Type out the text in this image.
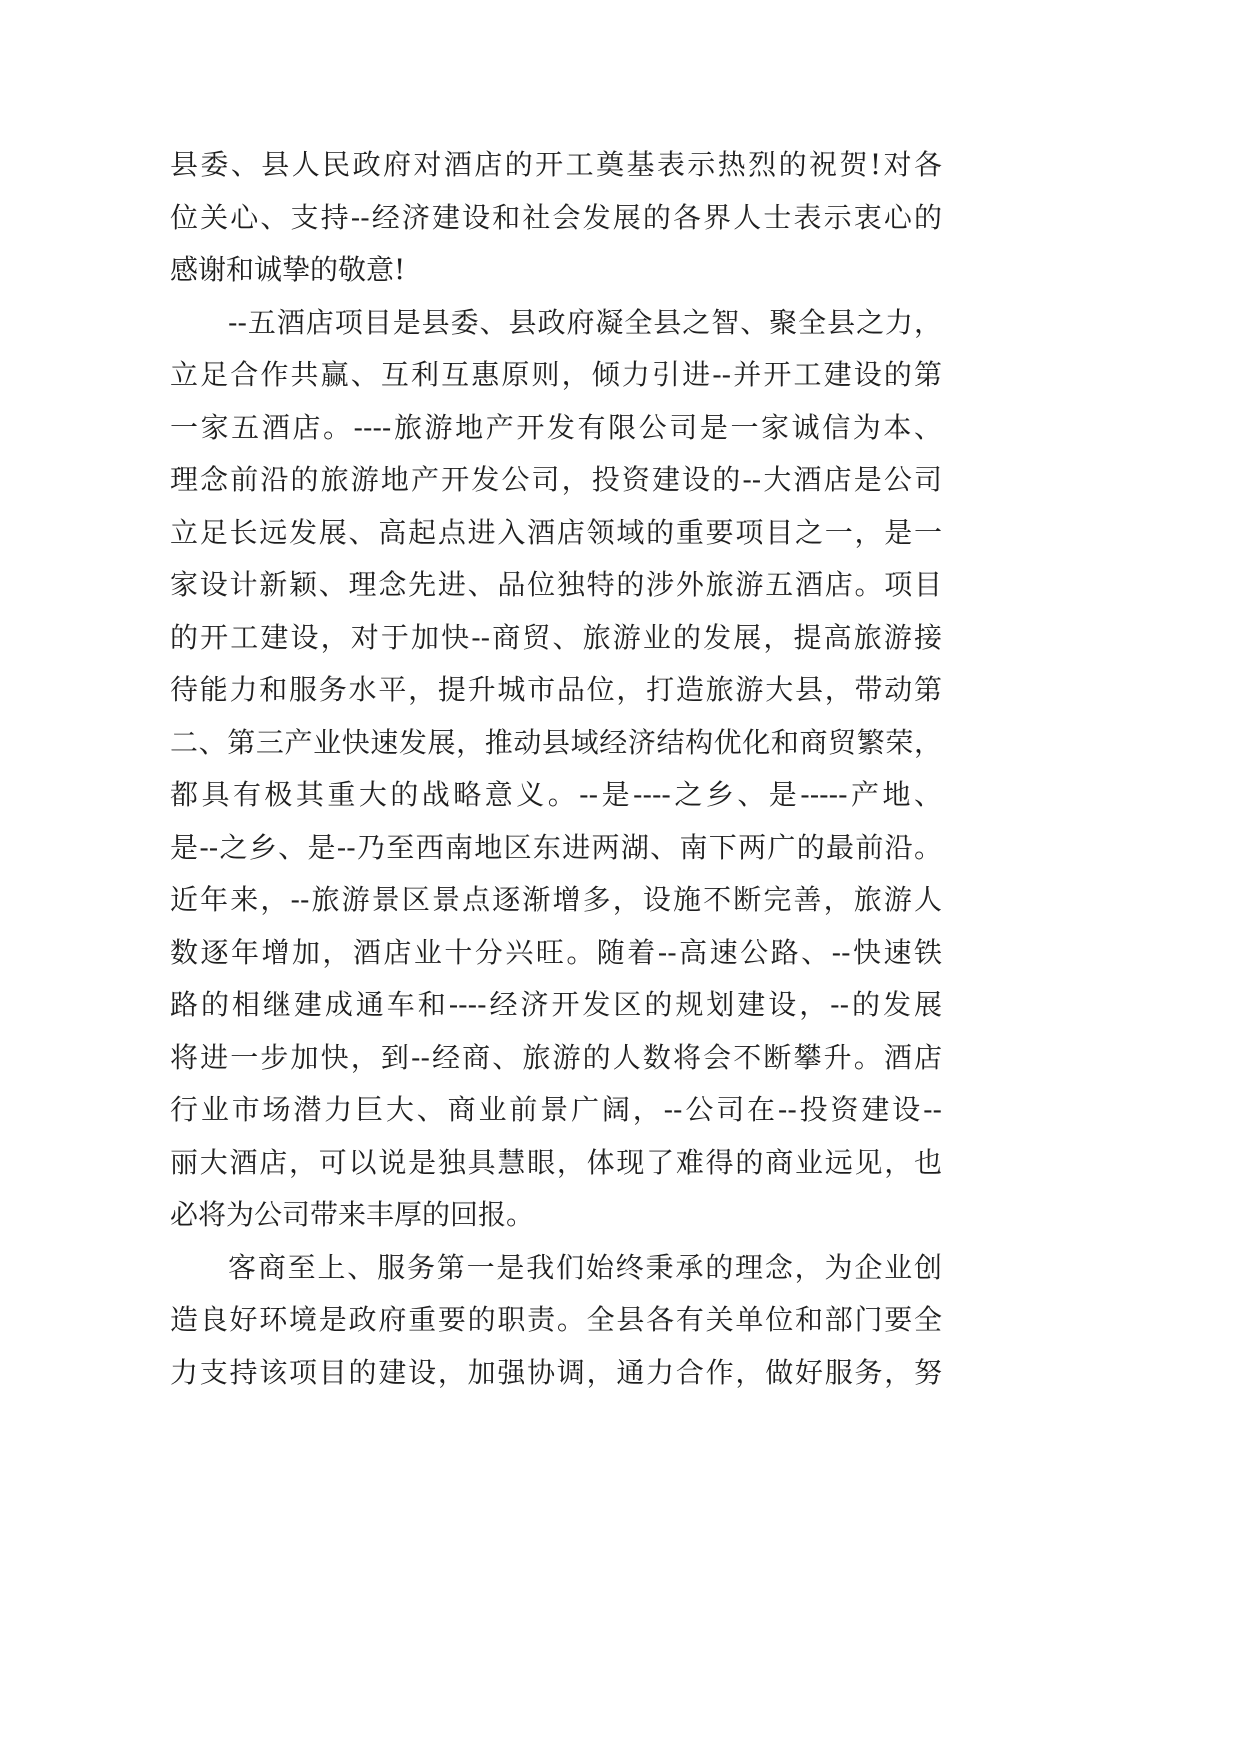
县委、县人民政府对酒店的开工奠基表示热烈的祝贺!对各
位关心、支持--经济建设和社会发展的各界人士表示衷心的
感谢和诚挚的敬意!
--五酒店项目是县委、县政府凝全县之智、聚全县之力，
立足合作共赢、互利互惠原则，倾力引进--并开工建设的第
一家五酒店。----旅游地产开发有限公司是一家诚信为本、
理念前沿的旅游地产开发公司，投资建设的--大酒店是公司
立足长远发展、高起点进入酒店领域的重要项目之一，是一
家设计新颖、理念先进、品位独特的涉外旅游五酒店。项目
的开工建设，对于加快--商贸、旅游业的发展，提高旅游接
待能力和服务水平，提升城市品位，打造旅游大县，带动第
二、第三产业快速发展，推动县域经济结构优化和商贸繁荣，
都具有极其重大的战略意义。--是----之乡、是-----产地、
是--之乡、是--乃至西南地区东进两湖、南下两广的最前沿。
近年来，--旅游景区景点逐渐增多，设施不断完善，旅游人
数逐年增加，酒店业十分兴旺。随着--高速公路、--快速铁
路的相继建成通车和----经济开发区的规划建设，--的发展
将进一步加快，到--经商、旅游的人数将会不断攀升。酒店
行业市场潜力巨大、商业前景广阔，--公司在--投资建设--
丽大酒店，可以说是独具慧眼，体现了难得的商业远见，也
必将为公司带来丰厚的回报。
客商至上、服务第一是我们始终秉承的理念，为企业创
造良好环境是政府重要的职责。全县各有关单位和部门要全
力支持该项目的建设，加强协调，通力合作，做好服务，努
